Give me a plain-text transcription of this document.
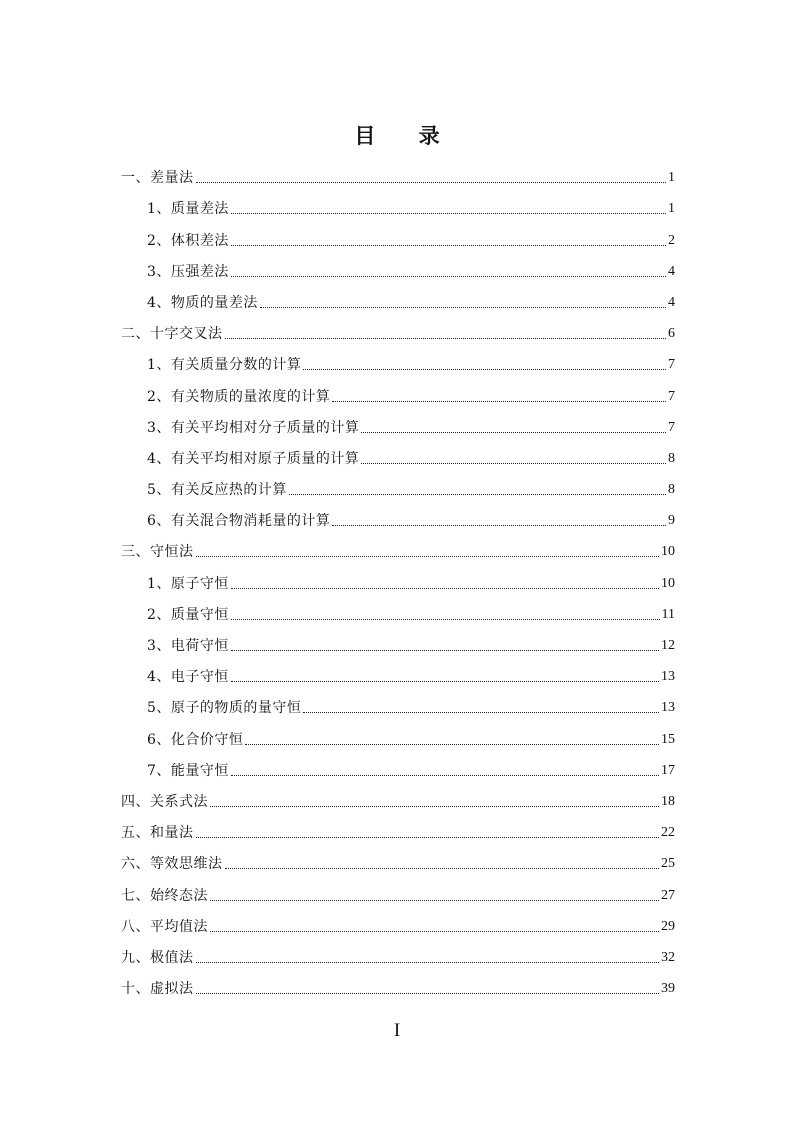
目 录
一、差量法	1
1、质量差法	1
2、体积差法	2
3、压强差法	4
4、物质的量差法	4
二、十字交叉法	6
1、有关质量分数的计算	7
2、有关物质的量浓度的计算	7
3、有关平均相对分子质量的计算	7
4、有关平均相对原子质量的计算	8
5、有关反应热的计算	8
6、有关混合物消耗量的计算	9
三、守恒法	10
1、原子守恒	10
2、质量守恒	11
3、电荷守恒	12
4、电子守恒	13
5、原子的物质的量守恒	13
6、化合价守恒	15
7、能量守恒	17
四、关系式法	18
五、和量法	22
六、等效思维法	25
七、始终态法	27
八、平均值法	29
九、极值法	32
十、虚拟法	39
I
